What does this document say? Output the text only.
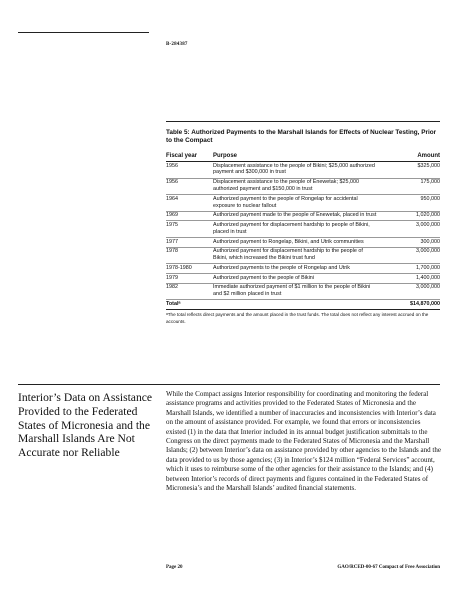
B-284387
Table 5: Authorized Payments to the Marshall Islands for Effects of Nuclear Testing, Prior to the Compact
Fiscal year	Purpose	Amount
1956	Displacement assistance to the people of Bikini; $25,000 authorized payment and $300,000 in trust	$325,000
1956	Displacement assistance to the people of Enewetak; $25,000 authorized payment and $150,000 in trust	175,000
1964	Authorized payment to the people of Rongelap for accidental exposure to nuclear fallout	950,000
1969	Authorized payment made to the people of Enewetak, placed in trust	1,020,000
1975	Authorized payment for displacement hardship to people of Bikini, placed in trust	3,000,000
1977	Authorized payment to Rongelap, Bikini, and Utrik communities	300,000
1978	Authorized payment for displacement hardship to the people of Bikini, which increased the Bikini trust fund	3,000,000
1978-1980	Authorized payments to the people of Rongelap and Utrik	1,700,000
1979	Authorized payment to the people of Bikini	1,400,000
1982	Immediate authorized payment of $1 million to the people of Bikini and $2 million placed in trust	3,000,000
Totalᵃ		$14,870,000
ᵃThe total reflects direct payments and the amount placed in the trust funds. The total does not reflect any interest accrued on the accounts.
Interior’s Data on Assistance Provided to the Federated States of Micronesia and the Marshall Islands Are Not Accurate nor Reliable
While the Compact assigns Interior responsibility for coordinating and monitoring the federal assistance programs and activities provided to the Federated States of Micronesia and the Marshall Islands, we identified a number of inaccuracies and inconsistencies with Interior’s data on the amount of assistance provided. For example, we found that errors or inconsistencies existed (1) in the data that Interior included in its annual budget justification submittals to the Congress on the direct payments made to the Federated States of Micronesia and the Marshall Islands; (2) between Interior’s data on assistance provided by other agencies to the Islands and the data provided to us by those agencies; (3) in Interior’s $124 million “Federal Services” account, which it uses to reimburse some of the other agencies for their assistance to the Islands; and (4) between Interior’s records of direct payments and figures contained in the Federated States of Micronesia’s and the Marshall Islands’ audited financial statements.
Page 20	GAO/RCED-00-67 Compact of Free Association
